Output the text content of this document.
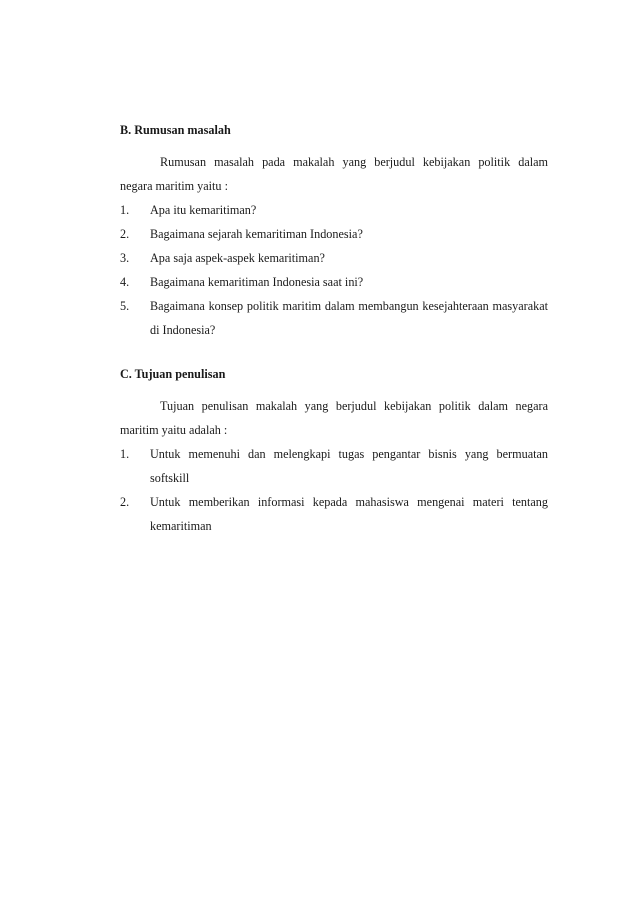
B. Rumusan masalah

Rumusan masalah pada makalah yang berjudul kebijakan politik dalam
negara maritim yaitu :
1.	Apa itu kemaritiman?
2.	Bagaimana sejarah kemaritiman Indonesia?
3.	Apa saja aspek-aspek kemaritiman?
4.	Bagaimana kemaritiman Indonesia saat ini?
5.	Bagaimana konsep politik maritim dalam membangun kesejahteraan masyarakat di Indonesia?

C. Tujuan penulisan

Tujuan penulisan makalah yang berjudul kebijakan politik dalam negara
maritim yaitu adalah :
1.	Untuk memenuhi dan melengkapi tugas pengantar bisnis yang bermuatan softskill
2.	Untuk memberikan informasi kepada mahasiswa mengenai materi tentang kemaritiman
